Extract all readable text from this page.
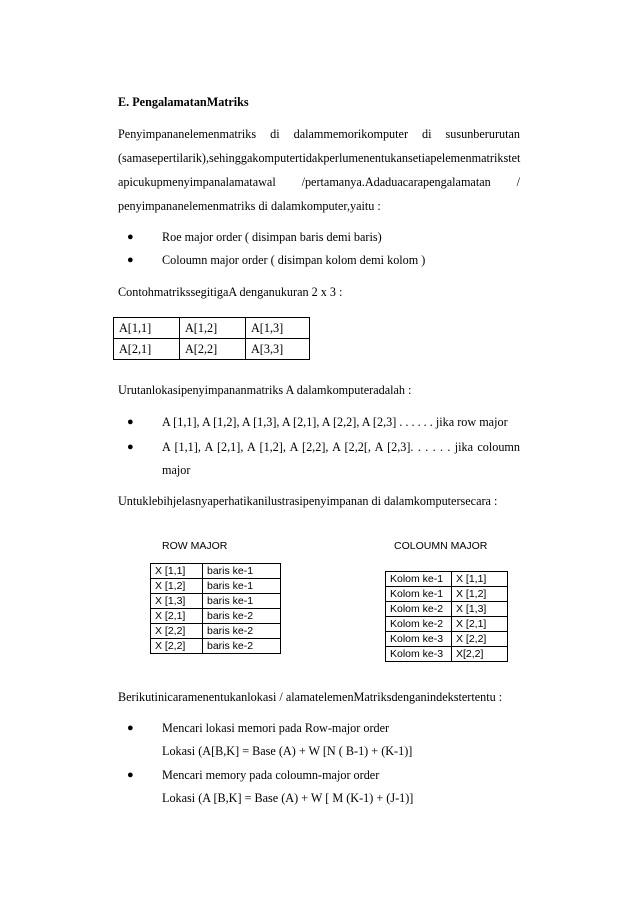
E. PengalamatanMatriks
Penyimpananelemenmatriks di dalammemorikomputer di susunberurutan
(samasepertilarik),sehinggakomputertidakperlumenentukansetiapelemenmatrikstet
apicukupmenyimpanalamatawal /pertamanya.Adaduacarapengalamatan /
penyimpananelemenmatriks di dalamkomputer,yaitu :
● Roe major order ( disimpan baris demi baris)
● Coloumn major order ( disimpan kolom demi kolom )
ContohmatrikssegitigaA denganukuran 2 x 3 :
A[1,1]	A[1,2]	A[1,3]
A[2,1]	A[2,2]	A[3,3]
Urutanlokasipenyimpananmatriks A dalamkomputeradalah :
● A [1,1], A [1,2], A [1,3], A [2,1], A [2,2], A [2,3] . . . . . . jika row major
● A [1,1], A [2,1], A [1,2], A [2,2], A [2,2[, A [2,3]. . . . . . jika coloumn
major
Untuklebihjelasnyaperhatikanilustrasipenyimpanan di dalamkomputersecara :
ROW MAJOR
X [1,1]	baris ke-1
X [1,2]	baris ke-1
X [1,3]	baris ke-1
X [2,1]	baris ke-2
X [2,2]	baris ke-2
X [2,2]	baris ke-2
COLOUMN MAJOR
Kolom ke-1	X [1,1]
Kolom ke-1	X [1,2]
Kolom ke-2	X [1,3]
Kolom ke-2	X [2,1]
Kolom ke-3	X [2,2]
Kolom ke-3	X[2,2]
Berikutinicaramenentukanlokasi / alamatelemenMatriksdenganindekstertentu :
● Mencari lokasi memori pada Row-major order
Lokasi (A[B,K] = Base (A) + W [N ( B-1) + (K-1)]
● Mencari memory pada coloumn-major order
Lokasi (A [B,K] = Base (A) + W [ M (K-1) + (J-1)]
